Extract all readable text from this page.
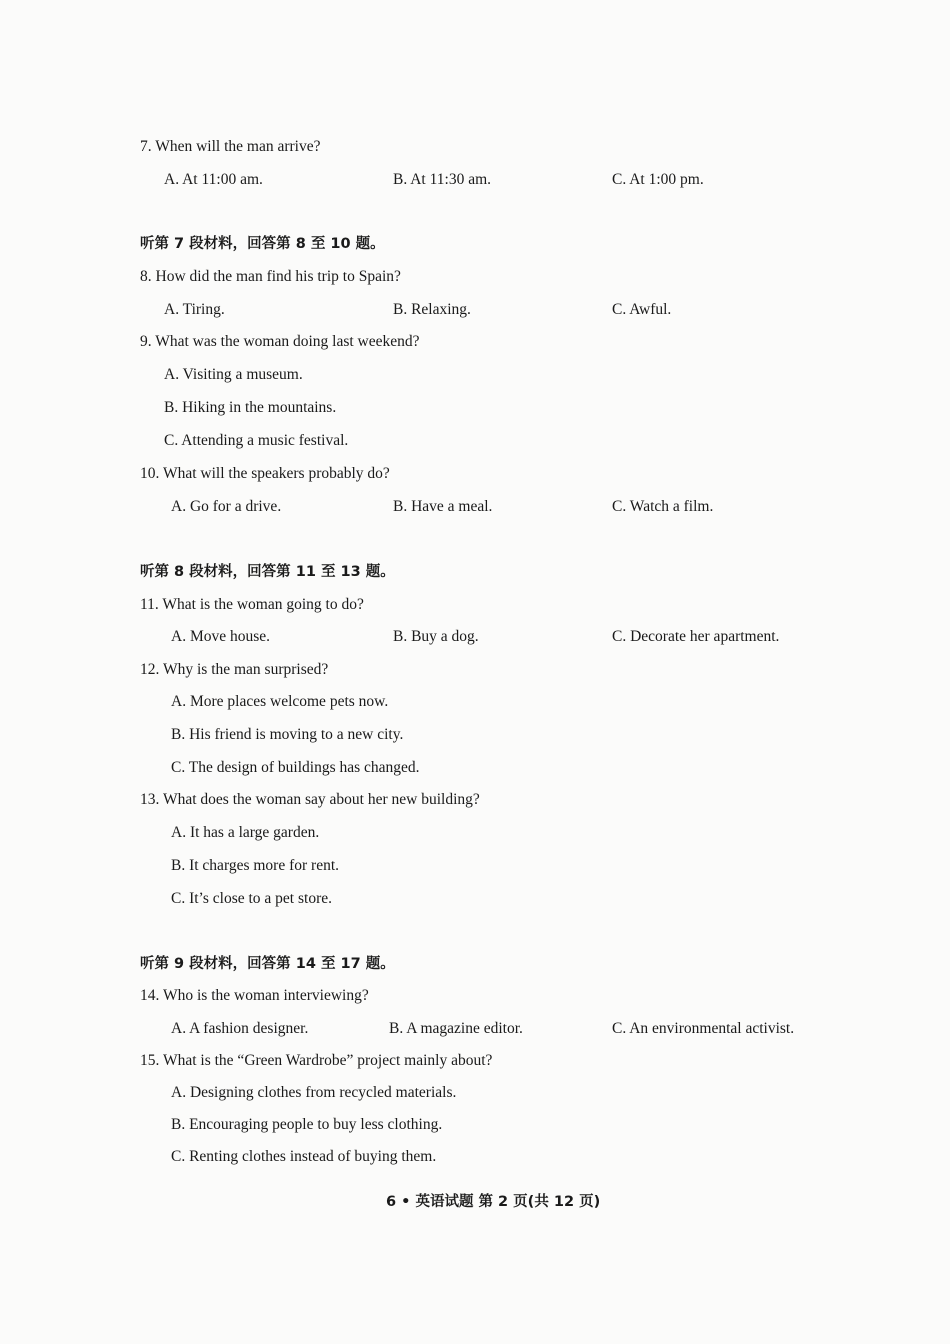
7. When will the man arrive?
A. At 11:00 am.	B. At 11:30 am.	C. At 1:00 pm.
听第 7 段材料，回答第 8 至 10 题。
8. How did the man find his trip to Spain?
A. Tiring.	B. Relaxing.	C. Awful.
9. What was the woman doing last weekend?
A. Visiting a museum.
B. Hiking in the mountains.
C. Attending a music festival.
10. What will the speakers probably do?
A. Go for a drive.	B. Have a meal.	C. Watch a film.
听第 8 段材料，回答第 11 至 13 题。
11. What is the woman going to do?
A. Move house.	B. Buy a dog.	C. Decorate her apartment.
12. Why is the man surprised?
A. More places welcome pets now.
B. His friend is moving to a new city.
C. The design of buildings has changed.
13. What does the woman say about her new building?
A. It has a large garden.
B. It charges more for rent.
C. It’s close to a pet store.
听第 9 段材料，回答第 14 至 17 题。
14. Who is the woman interviewing?
A. A fashion designer.	B. A magazine editor.	C. An environmental activist.
15. What is the “Green Wardrobe” project mainly about?
A. Designing clothes from recycled materials.
B. Encouraging people to buy less clothing.
C. Renting clothes instead of buying them.
6 • 英语试题 第 2 页(共 12 页)
